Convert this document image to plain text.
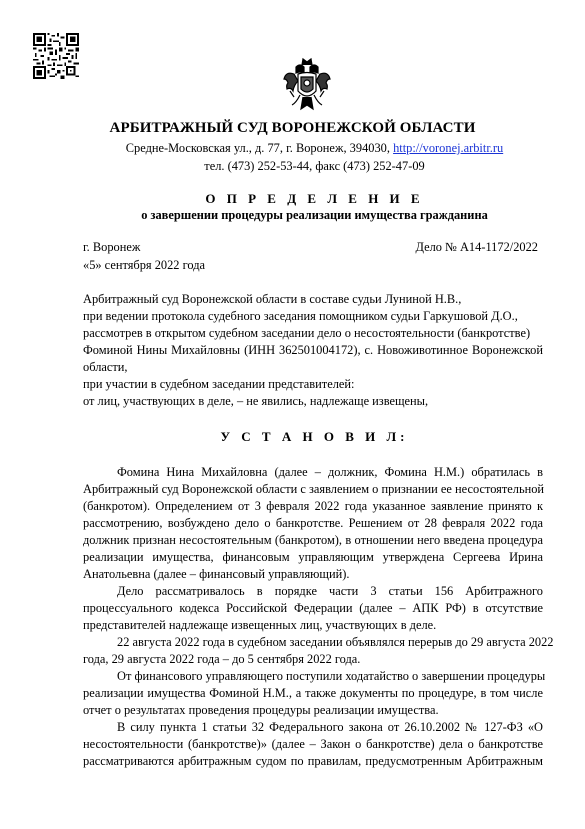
АРБИТРАЖНЫЙ СУД ВОРОНЕЖСКОЙ ОБЛАСТИ
Средне-Московская ул., д. 77, г. Воронеж, 394030, http://voronej.arbitr.ru
тел. (473) 252-53-44, факс (473) 252-47-09
О П Р Е Д Е Л Е Н И Е
о завершении процедуры реализации имущества гражданина
г. Воронеж	Дело № А14-1172/2022
«5» сентября 2022 года
Арбитражный суд Воронежской области в составе судьи Луниной Н.В.,
при ведении протокола судебного заседания помощником судьи Гаркушовой Д.О.,
рассмотрев в открытом судебном заседании дело о несостоятельности (банкротстве)
Фоминой Нины Михайловны (ИНН 362501004172), с. Новоживотинное Воронежской
области,
при участии в судебном заседании представителей:
от лиц, участвующих в деле, – не явились, надлежаще извещены,
У С Т А Н О В И Л:
Фомина Нина Михайловна (далее – должник, Фомина Н.М.) обратилась в
Арбитражный суд Воронежской области с заявлением о признании ее несостоятельной
(банкротом). Определением от 3 февраля 2022 года указанное заявление принято к
рассмотрению, возбуждено дело о банкротстве. Решением от 28 февраля 2022 года
должник признан несостоятельным (банкротом), в отношении него введена процедура
реализации имущества, финансовым управляющим утверждена Сергеева Ирина
Анатольевна (далее – финансовый управляющий).
Дело рассматривалось в порядке части 3 статьи 156 Арбитражного
процессуального кодекса Российской Федерации (далее – АПК РФ) в отсутствие
представителей надлежаще извещенных лиц, участвующих в деле.
22 августа 2022 года в судебном заседании объявлялся перерыв до 29 августа 2022
года, 29 августа 2022 года – до 5 сентября 2022 года.
От финансового управляющего поступили ходатайство о завершении процедуры
реализации имущества Фоминой Н.М., а также документы по процедуре, в том числе
отчет о результатах проведения процедуры реализации имущества.
В силу пункта 1 статьи 32 Федерального закона от 26.10.2002 № 127-ФЗ «О
несостоятельности (банкротстве)» (далее – Закон о банкротстве) дела о банкротстве
рассматриваются арбитражным судом по правилам, предусмотренным Арбитражным
